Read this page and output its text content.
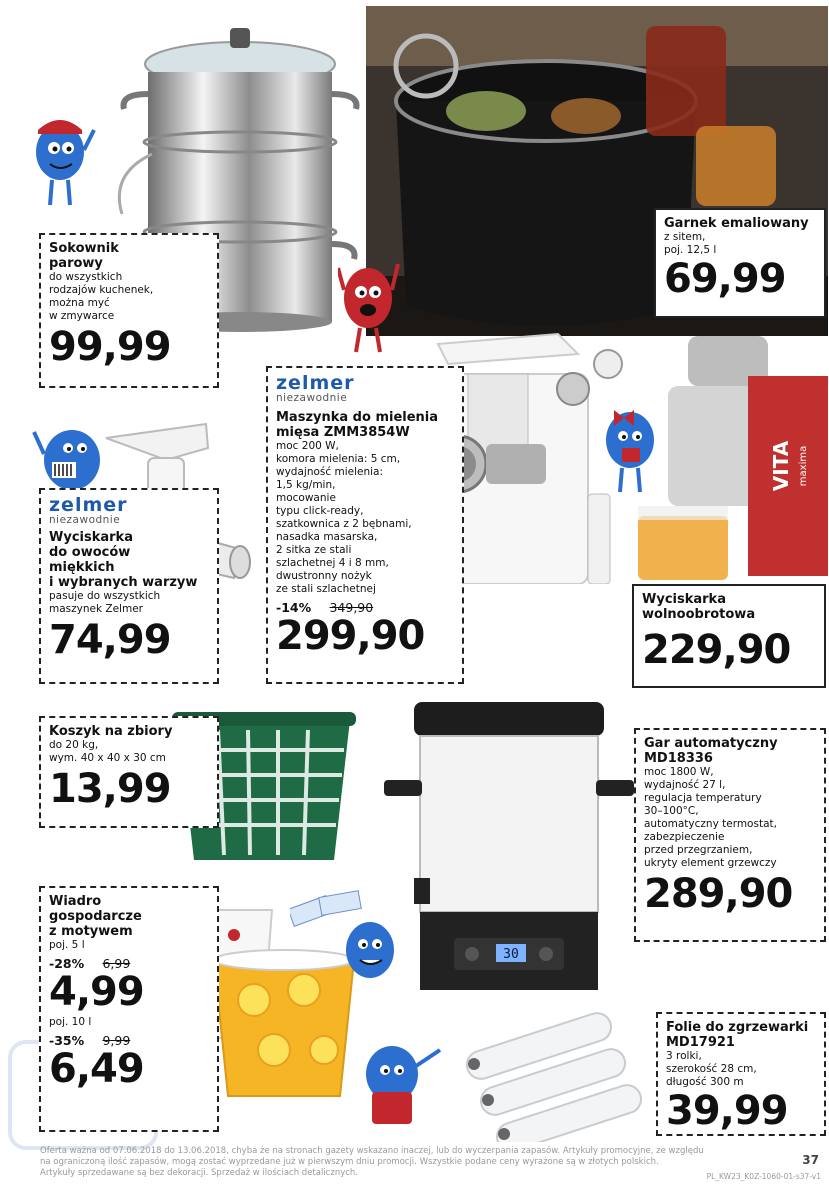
VITA maxima
30
Sokownik
parowy
do wszystkich
rodzajów kuchenek,
można myć
w zmywarce
99,99
Garnek emaliowany
z sitem,
poj. 12,5 l
69,99
zelmer
niezawodnie
Maszynka do mielenia
mięsa ZMM3854W
moc 200 W,
komora mielenia: 5 cm,
wydajność mielenia:
1,5 kg/min,
mocowanie
typu click-ready,
szatkownica z 2 bębnami,
nasadka masarska,
2 sitka ze stali
szlachetnej 4 i 8 mm,
dwustronny nożyk
ze stali szlachetnej
-14% 349,90
299,90
zelmer
niezawodnie
Wyciskarka
do owoców
miękkich
i wybranych warzyw
pasuje do wszystkich
maszynek Zelmer
74,99
Wyciskarka
wolnoobrotowa
229,90
Koszyk na zbiory
do 20 kg,
wym. 40 x 40 x 30 cm
13,99
Gar automatyczny
MD18336
moc 1800 W,
wydajność 27 l,
regulacja temperatury
30–100°C,
automatyczny termostat,
zabezpieczenie
przed przegrzaniem,
ukryty element grzewczy
289,90
Wiadro
gospodarcze
z motywem
poj. 5 l
-28% 6,99
4,99
poj. 10 l
-35% 9,99
6,49
Folie do zgrzewarki
MD17921
3 rolki,
szerokość 28 cm,
długość 300 m
39,99
Oferta ważna od 07.06.2018 do 13.06.2018, chyba że na stronach gazety wskazano inaczej, lub do wyczerpania zapasów. Artykuły promocyjne, ze względu
na ograniczoną ilość zapasów, mogą zostać wyprzedane już w pierwszym dniu promocji. Wszystkie podane ceny wyrażone są w złotych polskich.
Artykuły sprzedawane są bez dekoracji. Sprzedaż w ilościach detalicznych.
37
PL_KW23_K0Z-1060-01-s37-v1
